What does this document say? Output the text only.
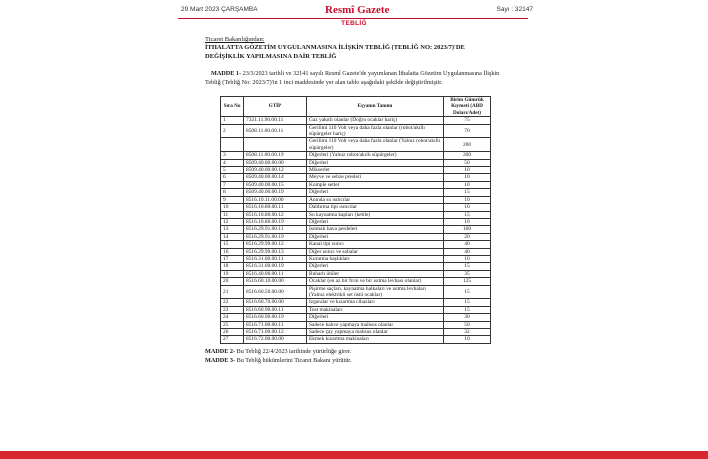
29 Mart 2023 ÇARŞAMBA	Resmî Gazete	Sayı : 32147
TEBLİĞ
Ticaret Bakanlığından:
İTHALATTA GÖZETİM UYGULANMASINA İLİŞKİN TEBLİĞ (TEBLİĞ NO: 2023/7)'DE DEĞİŞİKLİK YAPILMASINA DAİR TEBLİĞ
MADDE 1- 23/3/2023 tarihli ve 32141 sayılı Resmî Gazete'de yayımlanan İthalatta Gözetim Uygulanmasına İlişkin Tebliğ (Tebliğ No: 2023/7)'in 1 inci maddesinde yer alan tablo aşağıdaki şekilde değiştirilmiştir.
Sıra No	GTİP	Eşyanın Tanımı	Birim Gümrük Kıymeti (ABD Doları/Adet)
1	7321.11.90.00.11	Gaz yakıtlı olanlar (Doğru ocaklar hariç)	75
2	8508.11.00.00.11	Gerilimi 110 Volt veya daha fazla olanlar (robot/akıllı süpürgeler hariç)	70
		Gerilimi 110 Volt veya daha fazla olanlar (Yalnız robot/akıllı süpürgeler)	200
3	8508.11.00.00.19	Diğerleri (Yalnız robot/akıllı süpürgeler)	200
4	8509.40.00.00.00	Diğerleri	50
5	8509.40.00.00.12	Mikserler	10
6	8509.40.00.00.14	Meyve ve sebze presleri	10
7	8509.40.00.00.15	Komple setler	10
8	8509.40.00.00.19	Diğerleri	15
9	8516.10.11.00.00	Anında su ısıtıcılar	10
10	8516.10.80.00.11	Daldırma tipi ısıtıcılar	10
11	8516.10.80.00.12	Su kaynatma kapları (kettle)	15
12	8516.10.80.00.19	Diğerleri	10
13	8516.29.91.00.11	Isıtmalı hava perdeleri	100
14	8516.29.91.00.19	Diğerleri	20
15	8516.29.99.00.12	Kanal tipi ısıtıcı	40
16	8516.29.99.00.13	Diğer ısıtıcı ve sobalar	40
17	8516.31.00.00.11	Kurutma başlıkları	10
18	8516.31.00.00.19	Diğerleri	15
19	8516.40.00.00.11	Buharlı ütüler	35
20	8516.60.10.00.00	Ocaklar (en az bir fırın ve bir ısıtma levhası olanlar)	125
21	8516.60.50.00.00	Pişirme saçları, kaynatma halkaları ve ısıtma levhaları (Yalnız elektrikli set üstü ocaklar)	15
22	8516.60.70.00.00	Izgaralar ve kızartma cihazları	15
23	8516.60.90.00.11	Tost makinaları	15
24	8516.60.90.00.19	Diğerleri	30
25	8516.71.00.00.11	Sadece kahve yapmaya mahsus olanlar	50
26	8516.71.00.00.12	Sadece çay yapmaya mahsus olanlar	32
27	8516.72.00.00.00	Ekmek kızartma makinaları	10
MADDE 2- Bu Tebliğ 22/4/2023 tarihinde yürürlüğe girer.
MADDE 3- Bu Tebliğ hükümlerini Ticaret Bakanı yürütür.
